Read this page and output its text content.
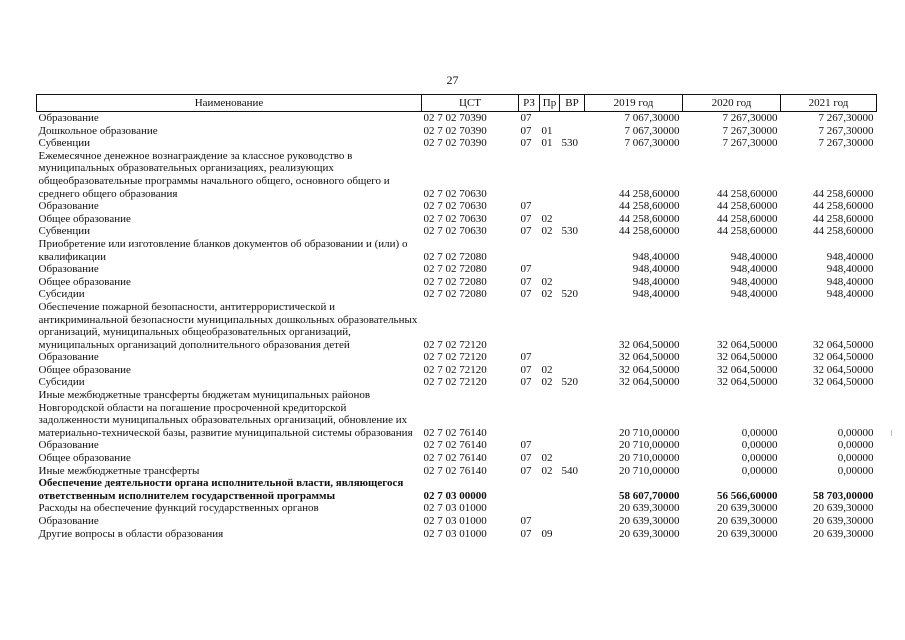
27
Наименование	ЦСТ	РЗ	Пр	ВР	2019 год	2020 год	2021 год
Образование	02 7 02 70390	07			7 067,30000	7 267,30000	7 267,30000
Дошкольное образование	02 7 02 70390	07	01		7 067,30000	7 267,30000	7 267,30000
Субвенции	02 7 02 70390	07	01	530	7 067,30000	7 267,30000	7 267,30000
Ежемесячное денежное вознаграждение за классное руководство в муниципальных образовательных организациях, реализующих общеобразовательные программы начального общего, основного общего и среднего общего образования	02 7 02 70630				44 258,60000	44 258,60000	44 258,60000
Образование	02 7 02 70630	07			44 258,60000	44 258,60000	44 258,60000
Общее образование	02 7 02 70630	07	02		44 258,60000	44 258,60000	44 258,60000
Субвенции	02 7 02 70630	07	02	530	44 258,60000	44 258,60000	44 258,60000
Приобретение или изготовление бланков документов об образовании и (или) о квалификации	02 7 02 72080				948,40000	948,40000	948,40000
Образование	02 7 02 72080	07			948,40000	948,40000	948,40000
Общее образование	02 7 02 72080	07	02		948,40000	948,40000	948,40000
Субсидии	02 7 02 72080	07	02	520	948,40000	948,40000	948,40000
Обеспечение пожарной безопасности, антитеррористической и антикриминальной безопасности муниципальных дошкольных образовательных организаций, муниципальных общеобразовательных организаций, муниципальных организаций дополнительного образования детей	02 7 02 72120				32 064,50000	32 064,50000	32 064,50000
Образование	02 7 02 72120	07			32 064,50000	32 064,50000	32 064,50000
Общее образование	02 7 02 72120	07	02		32 064,50000	32 064,50000	32 064,50000
Субсидии	02 7 02 72120	07	02	520	32 064,50000	32 064,50000	32 064,50000
Иные межбюджетные трансферты бюджетам муниципальных районов Новгородской области на погашение просроченной кредиторской задолженности муниципальных образовательных организаций, обновление их материально-технической базы, развитие муниципальной системы образования	02 7 02 76140				20 710,00000	0,00000	0,00000
Образование	02 7 02 76140	07			20 710,00000	0,00000	0,00000
Общее образование	02 7 02 76140	07	02		20 710,00000	0,00000	0,00000
Иные межбюджетные трансферты	02 7 02 76140	07	02	540	20 710,00000	0,00000	0,00000
Обеспечение деятельности органа исполнительной власти, являющегося ответственным исполнителем государственной программы	02 7 03 00000				58 607,70000	56 566,60000	58 703,00000
Расходы на обеспечение функций государственных органов	02 7 03 01000				20 639,30000	20 639,30000	20 639,30000
Образование	02 7 03 01000	07			20 639,30000	20 639,30000	20 639,30000
Другие вопросы в области образования	02 7 03 01000	07	09		20 639,30000	20 639,30000	20 639,30000
